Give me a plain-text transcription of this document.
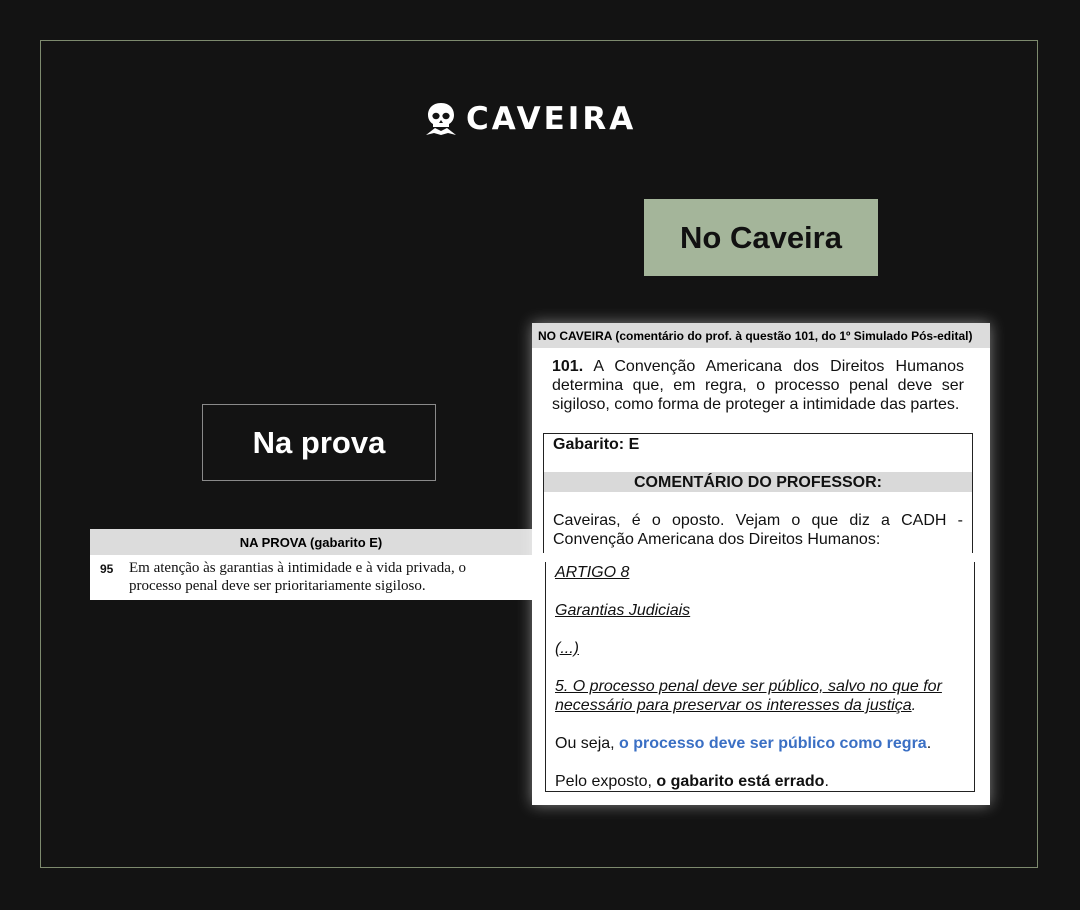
CAVEIRA
No Caveira
Na prova
NA PROVA (gabarito E)
95 Em atenção às garantias à intimidade e à vida privada, o
processo penal deve ser prioritariamente sigiloso.
NO CAVEIRA (comentário do prof. à questão 101, do 1º Simulado Pós-edital)
101. A Convenção Americana dos Direitos Humanos determina que, em regra, o processo penal deve ser sigiloso, como forma de proteger a intimidade das partes.
Gabarito: E
COMENTÁRIO DO PROFESSOR:
Caveiras, é o oposto. Vejam o que diz a CADH - Convenção Americana dos Direitos Humanos:
ARTIGO 8
Garantias Judiciais
(...)
5. O processo penal deve ser público, salvo no que for
necessário para preservar os interesses da justiça.
Ou seja, o processo deve ser público como regra.
Pelo exposto, o gabarito está errado.
